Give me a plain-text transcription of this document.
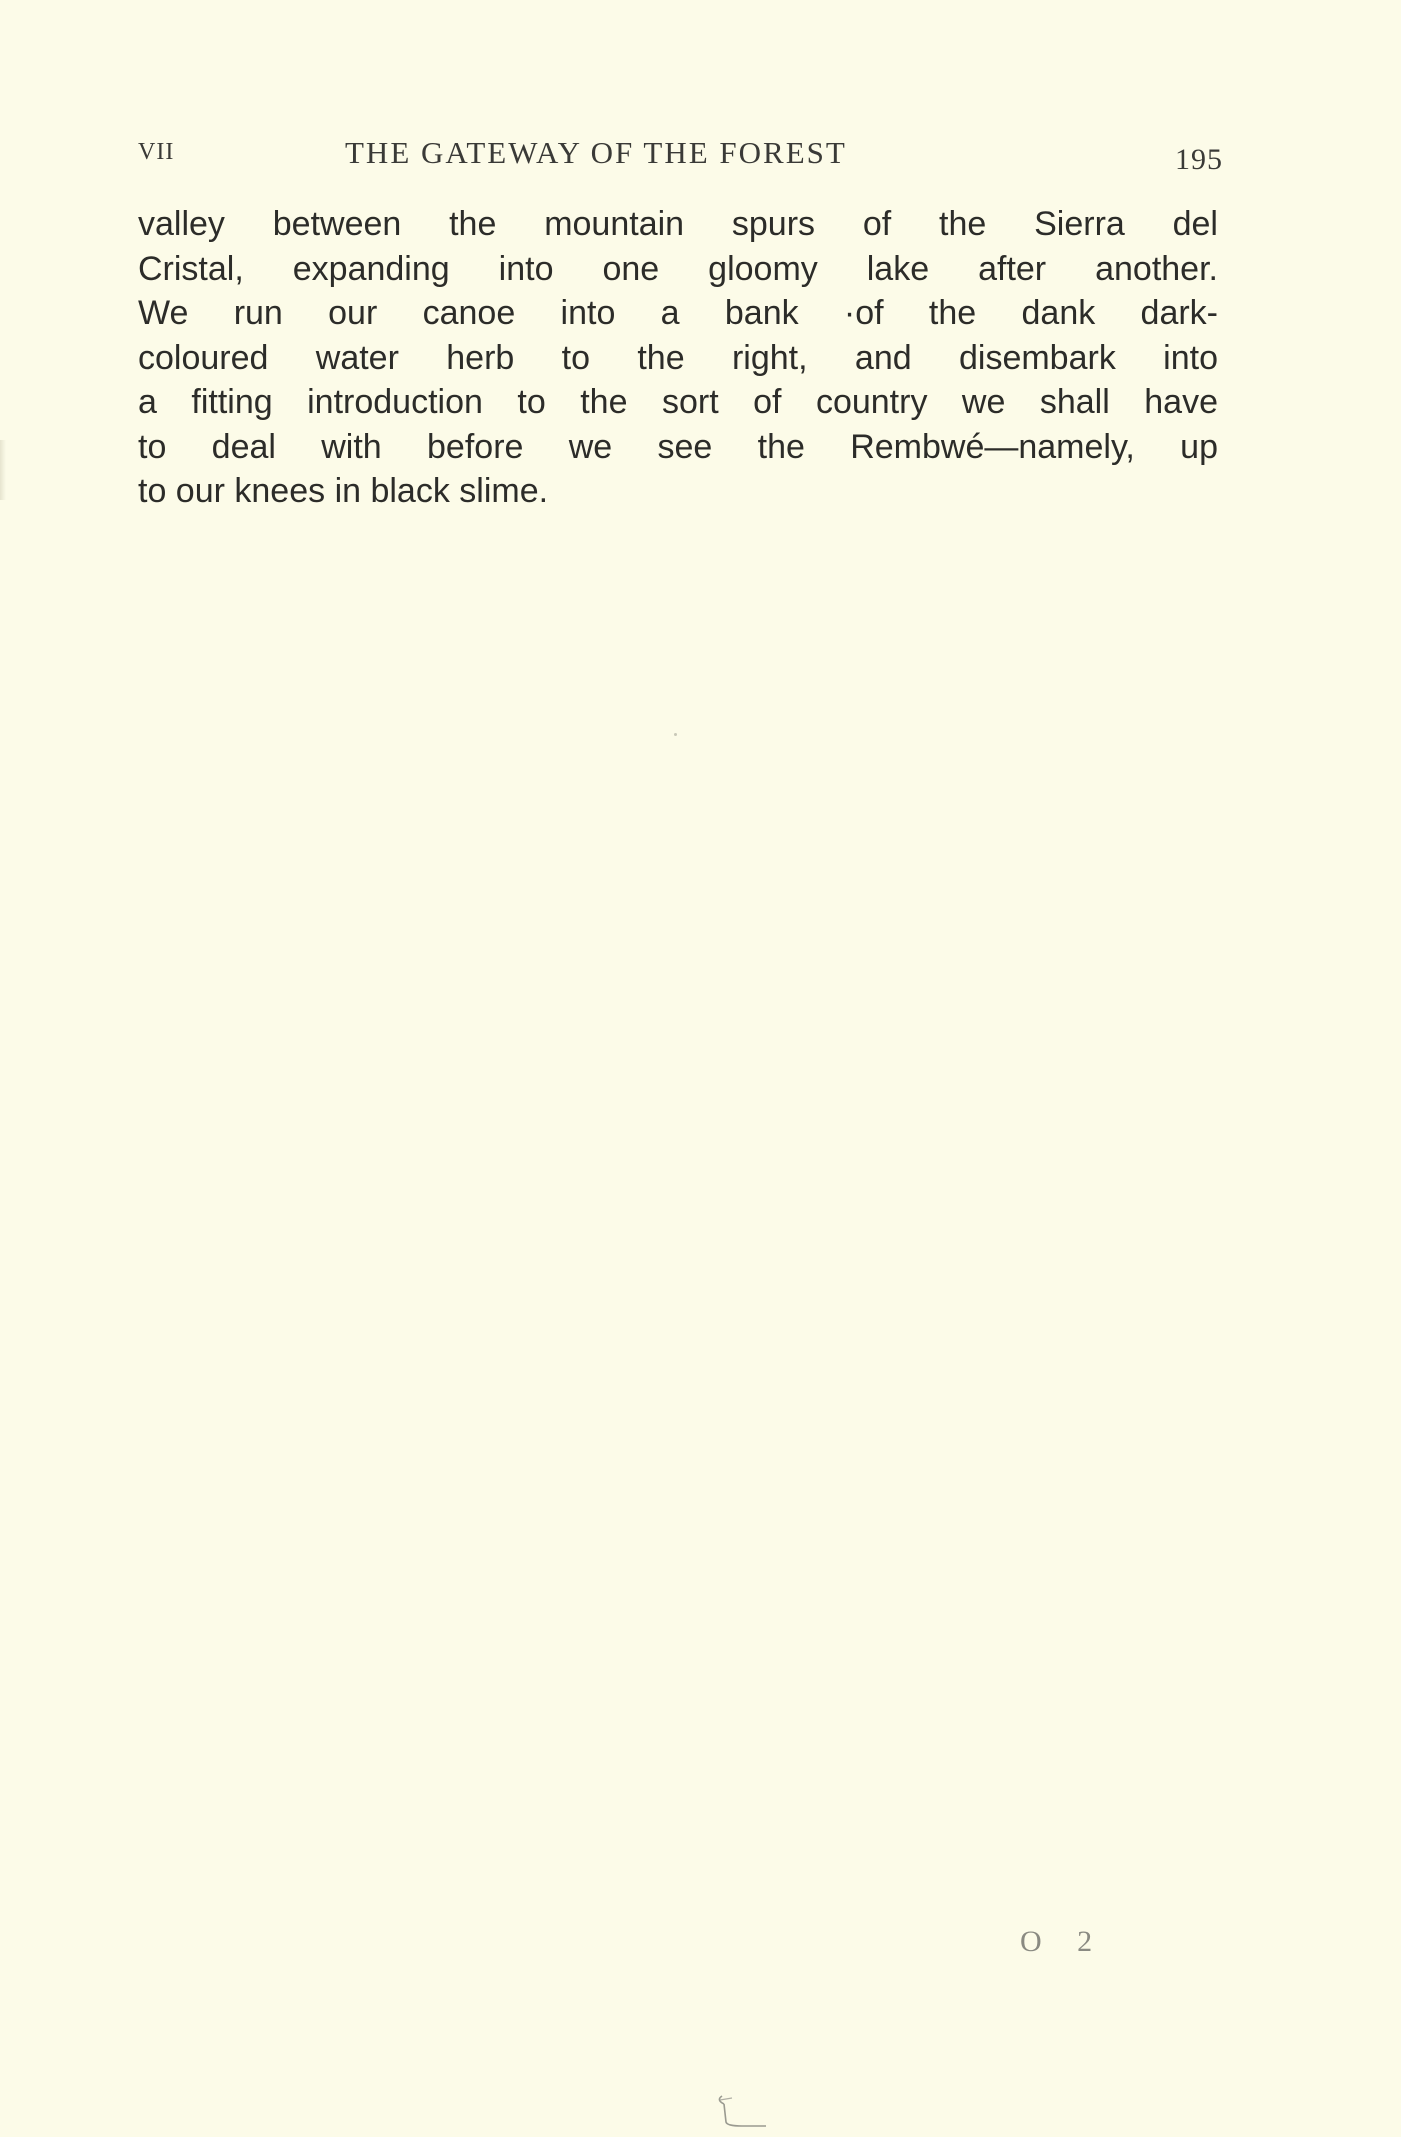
VII	THE GATEWAY OF THE FOREST	195
valley between the mountain spurs of the Sierra del
Cristal, expanding into one gloomy lake after another.
We run our canoe into a bank ·of the dank dark-
coloured water herb to the right, and disembark into
a fitting introduction to the sort of country we shall have
to deal with before we see the Rembwé—namely, up
to our knees in black slime.
O 2
